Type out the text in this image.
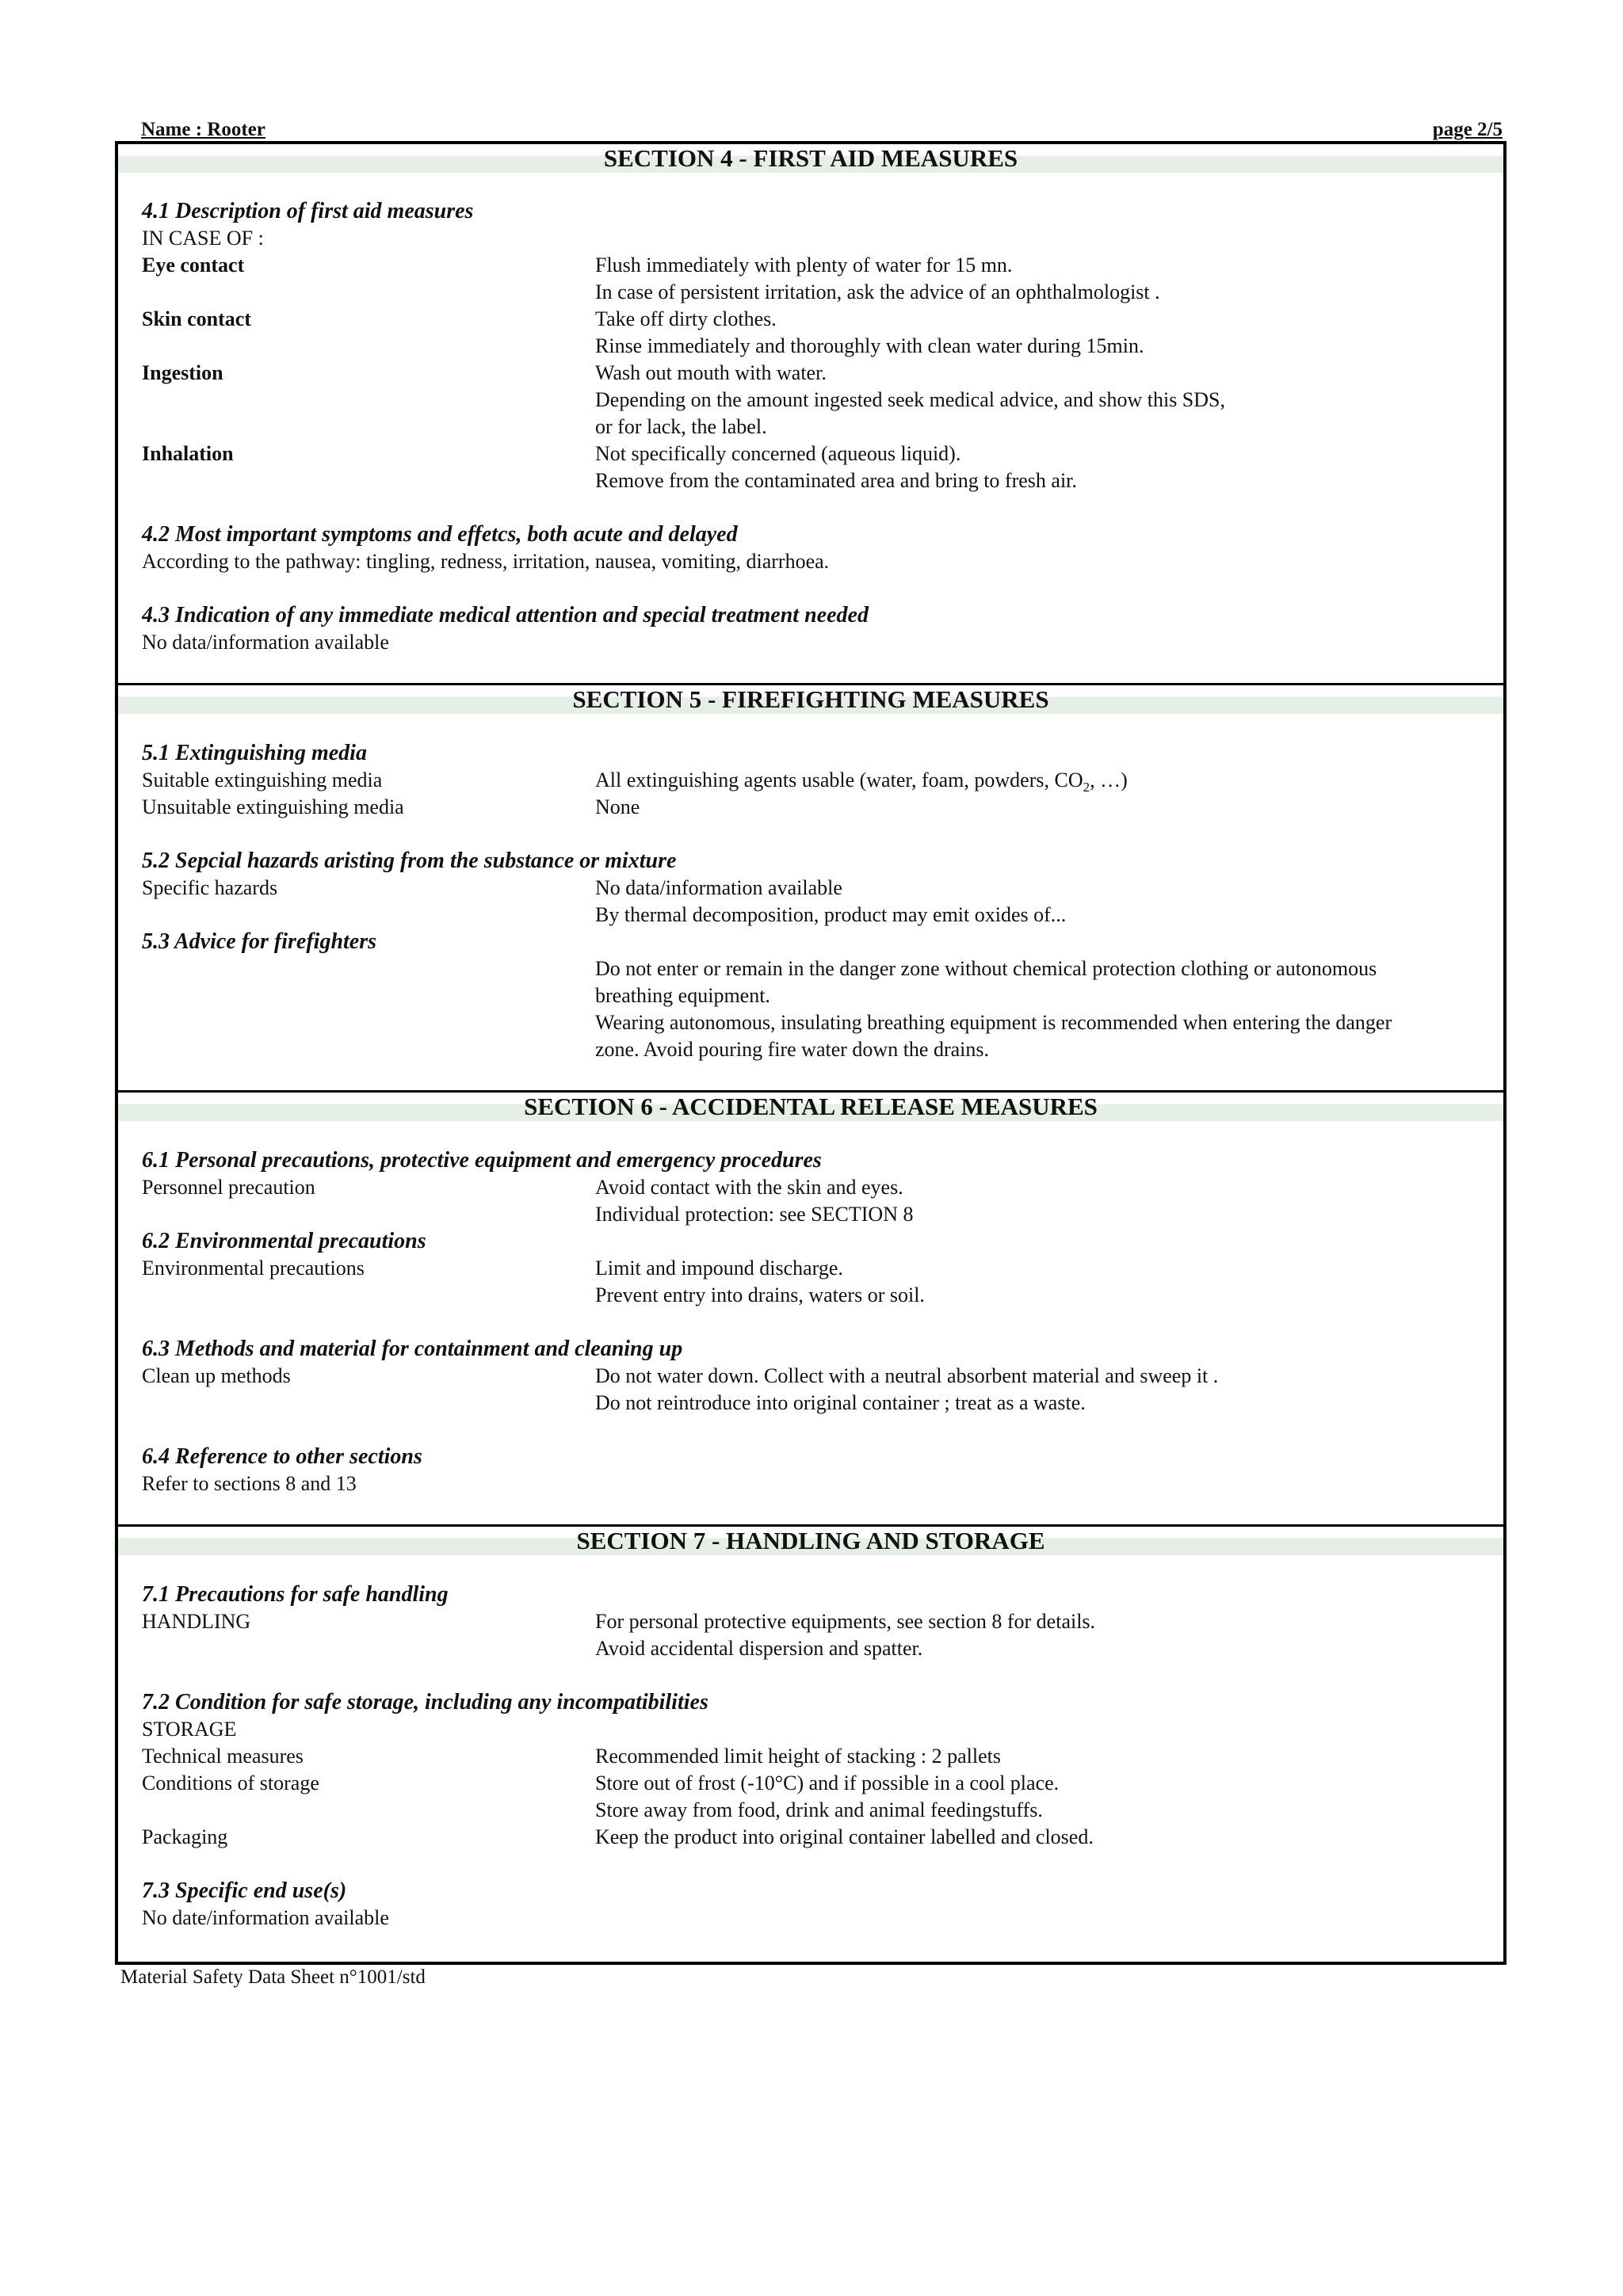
Name : Rooter	page 2/5
SECTION 4 - FIRST AID MEASURES
4.1 Description of first aid measures
IN CASE OF :
Eye contact	Flush immediately with plenty of water for 15 mn.
In case of persistent irritation, ask the advice of an ophthalmologist .
Skin contact	Take off dirty clothes.
Rinse immediately and thoroughly with clean water during 15min.
Ingestion	Wash out mouth with water.
Depending on the amount ingested seek medical advice, and show this SDS,
or for lack, the label.
Inhalation	Not specifically concerned (aqueous liquid).
Remove from the contaminated area and bring to fresh air.
4.2 Most important symptoms and effetcs, both acute and delayed
According to the pathway: tingling, redness, irritation, nausea, vomiting, diarrhoea.
4.3 Indication of any immediate medical attention and special treatment needed
No data/information available
SECTION 5 - FIREFIGHTING MEASURES
5.1 Extinguishing media
Suitable extinguishing media	All extinguishing agents usable (water, foam, powders, $CO_2$, …)
Unsuitable extinguishing media	None
5.2 Sepcial hazards aristing from the substance or mixture
Specific hazards	No data/information available
By thermal decomposition, product may emit oxides of...
5.3 Advice for firefighters
Do not enter or remain in the danger zone without chemical protection clothing or autonomous
breathing equipment.
Wearing autonomous, insulating breathing equipment is recommended when entering the danger
zone. Avoid pouring fire water down the drains.
SECTION 6 - ACCIDENTAL RELEASE MEASURES
6.1 Personal precautions, protective equipment and emergency procedures
Personnel precaution	Avoid contact with the skin and eyes.
Individual protection: see SECTION 8
6.2 Environmental precautions
Environmental precautions	Limit and impound discharge.
Prevent entry into drains, waters or soil.
6.3 Methods and material for containment and cleaning up
Clean up methods	Do not water down. Collect with a neutral absorbent material and sweep it .
Do not reintroduce into original container ; treat as a waste.
6.4 Reference to other sections
Refer to sections 8 and 13
SECTION 7 - HANDLING AND STORAGE
7.1 Precautions for safe handling
HANDLING	For personal protective equipments, see section 8 for details.
Avoid accidental dispersion and spatter.
7.2 Condition for safe storage, including any incompatibilities
STORAGE
Technical measures	Recommended limit height of stacking : 2 pallets
Conditions of storage	Store out of frost (-10°C) and if possible in a cool place.
Store away from food, drink and animal feedingstuffs.
Packaging	Keep the product into original container labelled and closed.
7.3 Specific end use(s)
No date/information available
Material Safety Data Sheet n°1001/std
